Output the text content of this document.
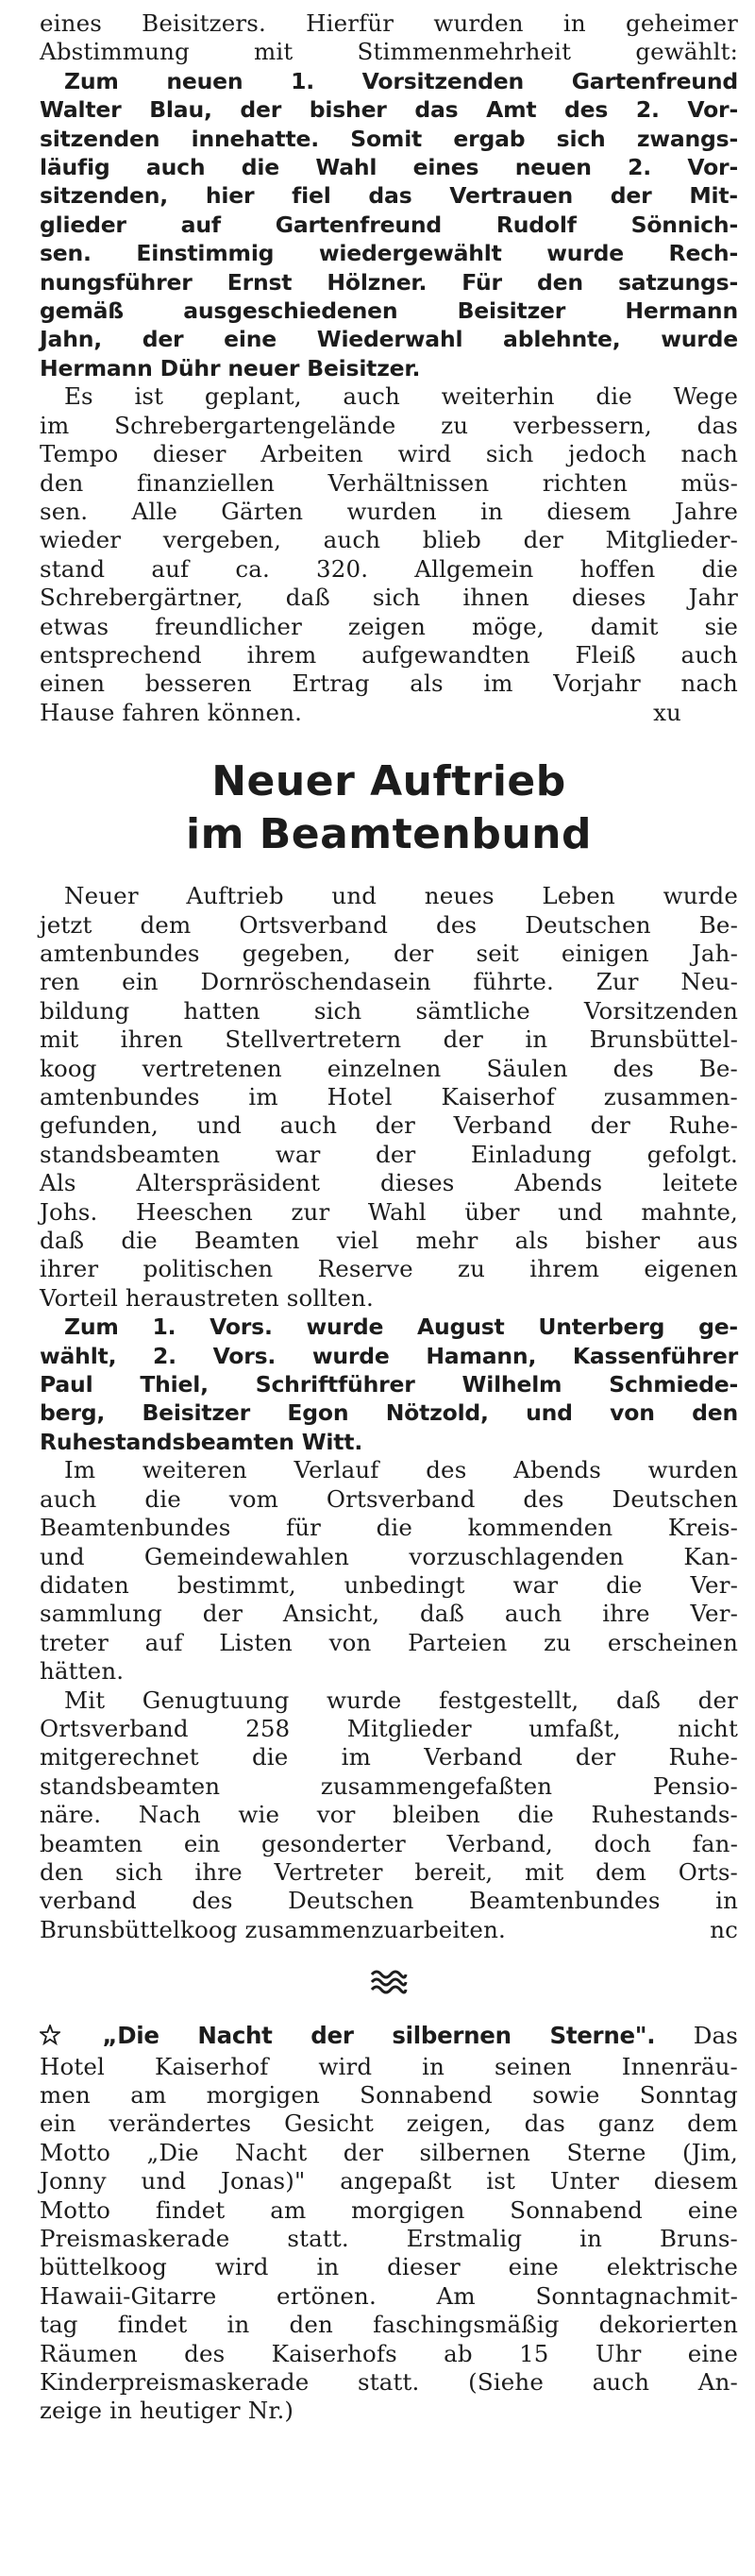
eines Beisitzers. Hierfür wurden in geheimer
Abstimmung mit Stimmenmehrheit gewählt:
Zum neuen 1. Vorsitzenden Gartenfreund
Walter Blau, der bisher das Amt des 2. Vor-
sitzenden innehatte. Somit ergab sich zwangs-
läufig auch die Wahl eines neuen 2. Vor-
sitzenden, hier fiel das Vertrauen der Mit-
glieder auf Gartenfreund Rudolf Sönnich-
sen. Einstimmig wiedergewählt wurde Rech-
nungsführer Ernst Hölzner. Für den satzungs-
gemäß ausgeschiedenen Beisitzer Hermann
Jahn, der eine Wiederwahl ablehnte, wurde
Hermann Dühr neuer Beisitzer.
Es ist geplant, auch weiterhin die Wege
im Schrebergartengelände zu verbessern, das
Tempo dieser Arbeiten wird sich jedoch nach
den finanziellen Verhältnissen richten müs-
sen. Alle Gärten wurden in diesem Jahre
wieder vergeben, auch blieb der Mitglieder-
stand auf ca. 320. Allgemein hoffen die
Schrebergärtner, daß sich ihnen dieses Jahr
etwas freundlicher zeigen möge, damit sie
entsprechend ihrem aufgewandten Fleiß auch
einen besseren Ertrag als im Vorjahr nach
Hause fahren können.	xu
Neuer Auftrieb
im Beamtenbund
Neuer Auftrieb und neues Leben wurde
jetzt dem Ortsverband des Deutschen Be-
amtenbundes gegeben, der seit einigen Jah-
ren ein Dornröschendasein führte. Zur Neu-
bildung hatten sich sämtliche Vorsitzenden
mit ihren Stellvertretern der in Brunsbüttel-
koog vertretenen einzelnen Säulen des Be-
amtenbundes im Hotel Kaiserhof zusammen-
gefunden, und auch der Verband der Ruhe-
standsbeamten war der Einladung gefolgt.
Als Alterspräsident dieses Abends leitete
Johs. Heeschen zur Wahl über und mahnte,
daß die Beamten viel mehr als bisher aus
ihrer politischen Reserve zu ihrem eigenen
Vorteil heraustreten sollten.
Zum 1. Vors. wurde August Unterberg ge-
wählt, 2. Vors. wurde Hamann, Kassenführer
Paul Thiel, Schriftführer Wilhelm Schmiede-
berg, Beisitzer Egon Nötzold, und von den
Ruhestandsbeamten Witt.
Im weiteren Verlauf des Abends wurden
auch die vom Ortsverband des Deutschen
Beamtenbundes für die kommenden Kreis-
und Gemeindewahlen vorzuschlagenden Kan-
didaten bestimmt, unbedingt war die Ver-
sammlung der Ansicht, daß auch ihre Ver-
treter auf Listen von Parteien zu erscheinen
hätten.
Mit Genugtuung wurde festgestellt, daß der
Ortsverband 258 Mitglieder umfaßt, nicht
mitgerechnet die im Verband der Ruhe-
standsbeamten zusammengefaßten Pensio-
näre. Nach wie vor bleiben die Ruhestands-
beamten ein gesonderter Verband, doch fan-
den sich ihre Vertreter bereit, mit dem Orts-
verband des Deutschen Beamtenbundes in
Brunsbüttelkoog zusammenzuarbeiten.	nc
„Die Nacht der silbernen Sterne". Das
Hotel Kaiserhof wird in seinen Innenräu-
men am morgigen Sonnabend sowie Sonntag
ein verändertes Gesicht zeigen, das ganz dem
Motto „Die Nacht der silbernen Sterne (Jim,
Jonny und Jonas)" angepaßt ist Unter diesem
Motto findet am morgigen Sonnabend eine
Preismaskerade statt. Erstmalig in Bruns-
büttelkoog wird in dieser eine elektrische
Hawaii-Gitarre ertönen. Am Sonntagnachmit-
tag findet in den faschingsmäßig dekorierten
Räumen des Kaiserhofs ab 15 Uhr eine
Kinderpreismaskerade statt. (Siehe auch An-
zeige in heutiger Nr.)
